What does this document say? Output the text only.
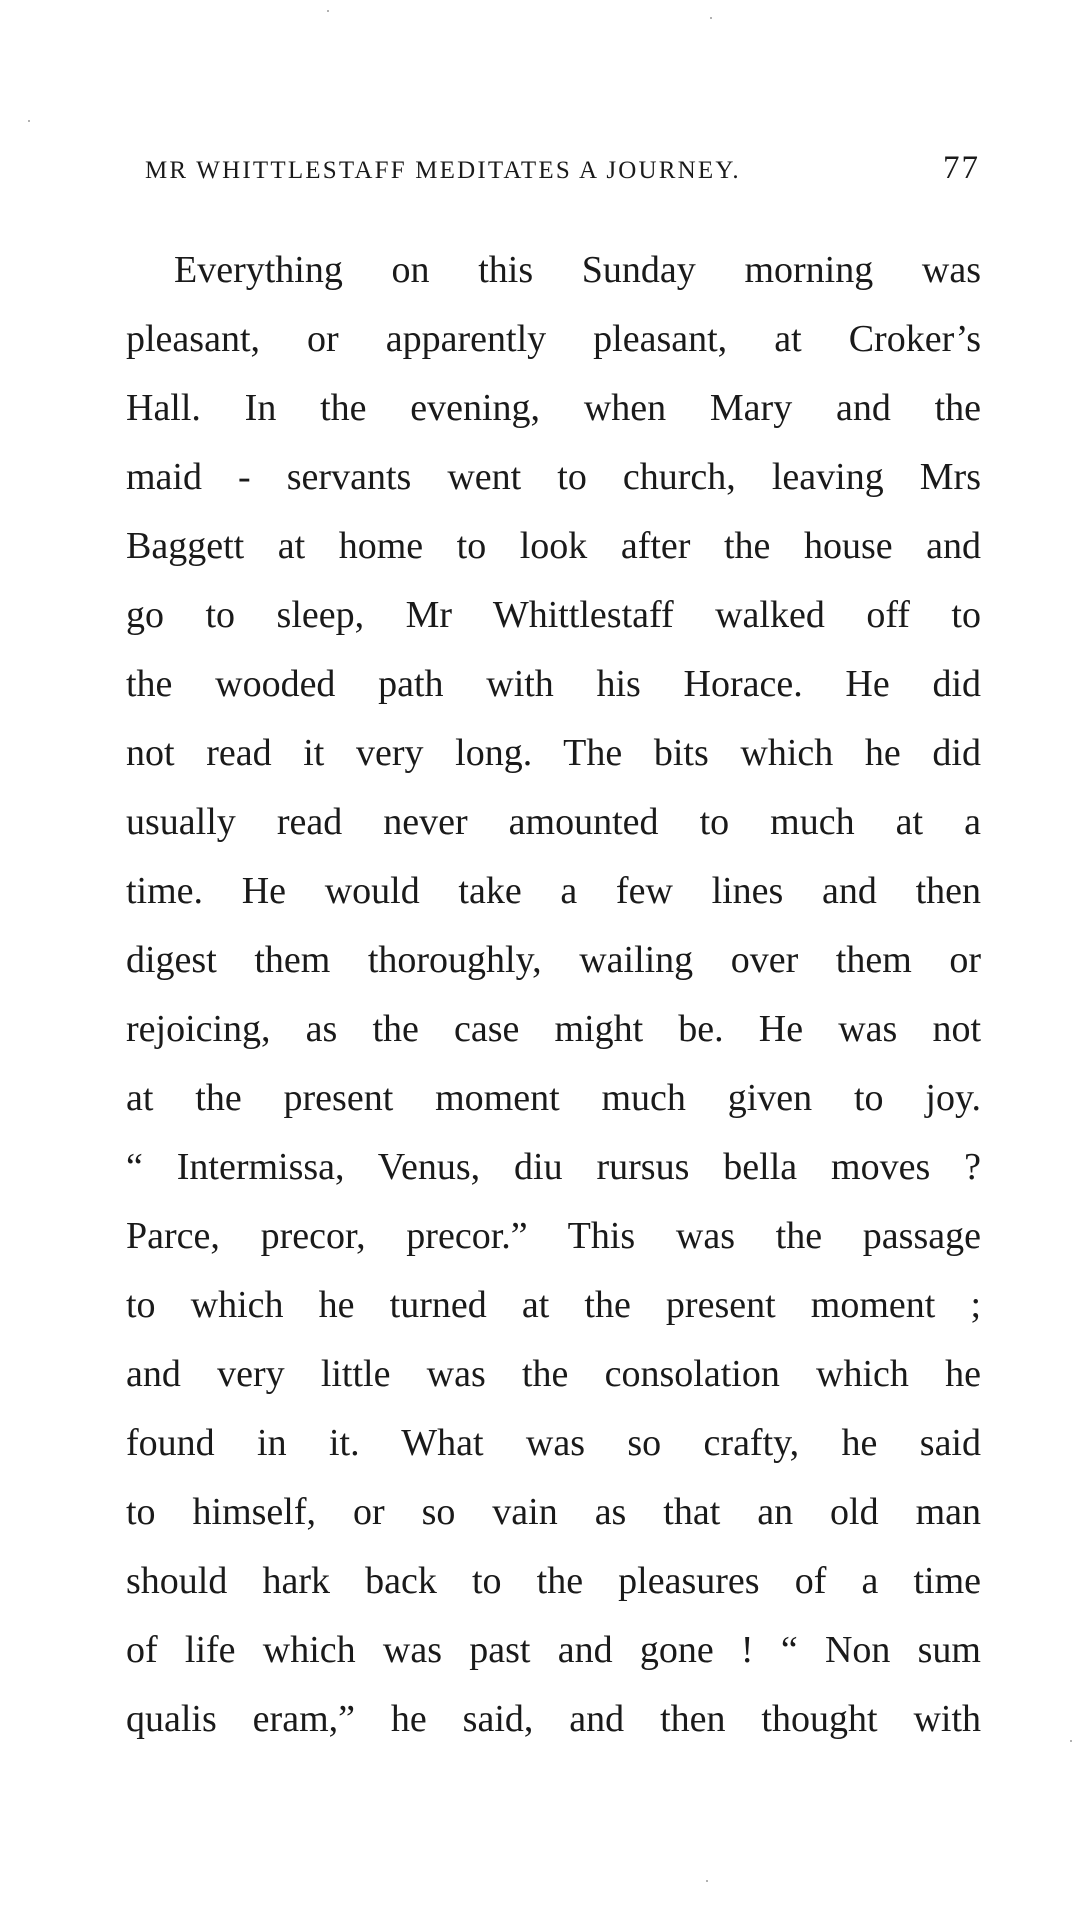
MR WHITTLESTAFF MEDITATES A JOURNEY.	77
Everything on this Sunday morning was
pleasant, or apparently pleasant, at Croker’s
Hall. In the evening, when Mary and the
maid - servants went to church, leaving Mrs
Baggett at home to look after the house and
go to sleep, Mr Whittlestaff walked off to
the wooded path with his Horace. He did
not read it very long. The bits which he did
usually read never amounted to much at a
time. He would take a few lines and then
digest them thoroughly, wailing over them or
rejoicing, as the case might be. He was not
at the present moment much given to joy.
“ Intermissa, Venus, diu rursus bella moves ?
Parce, precor, precor.” This was the passage
to which he turned at the present moment ;
and very little was the consolation which he
found in it. What was so crafty, he said
to himself, or so vain as that an old man
should hark back to the pleasures of a time
of life which was past and gone ! “ Non sum
qualis eram,” he said, and then thought with
